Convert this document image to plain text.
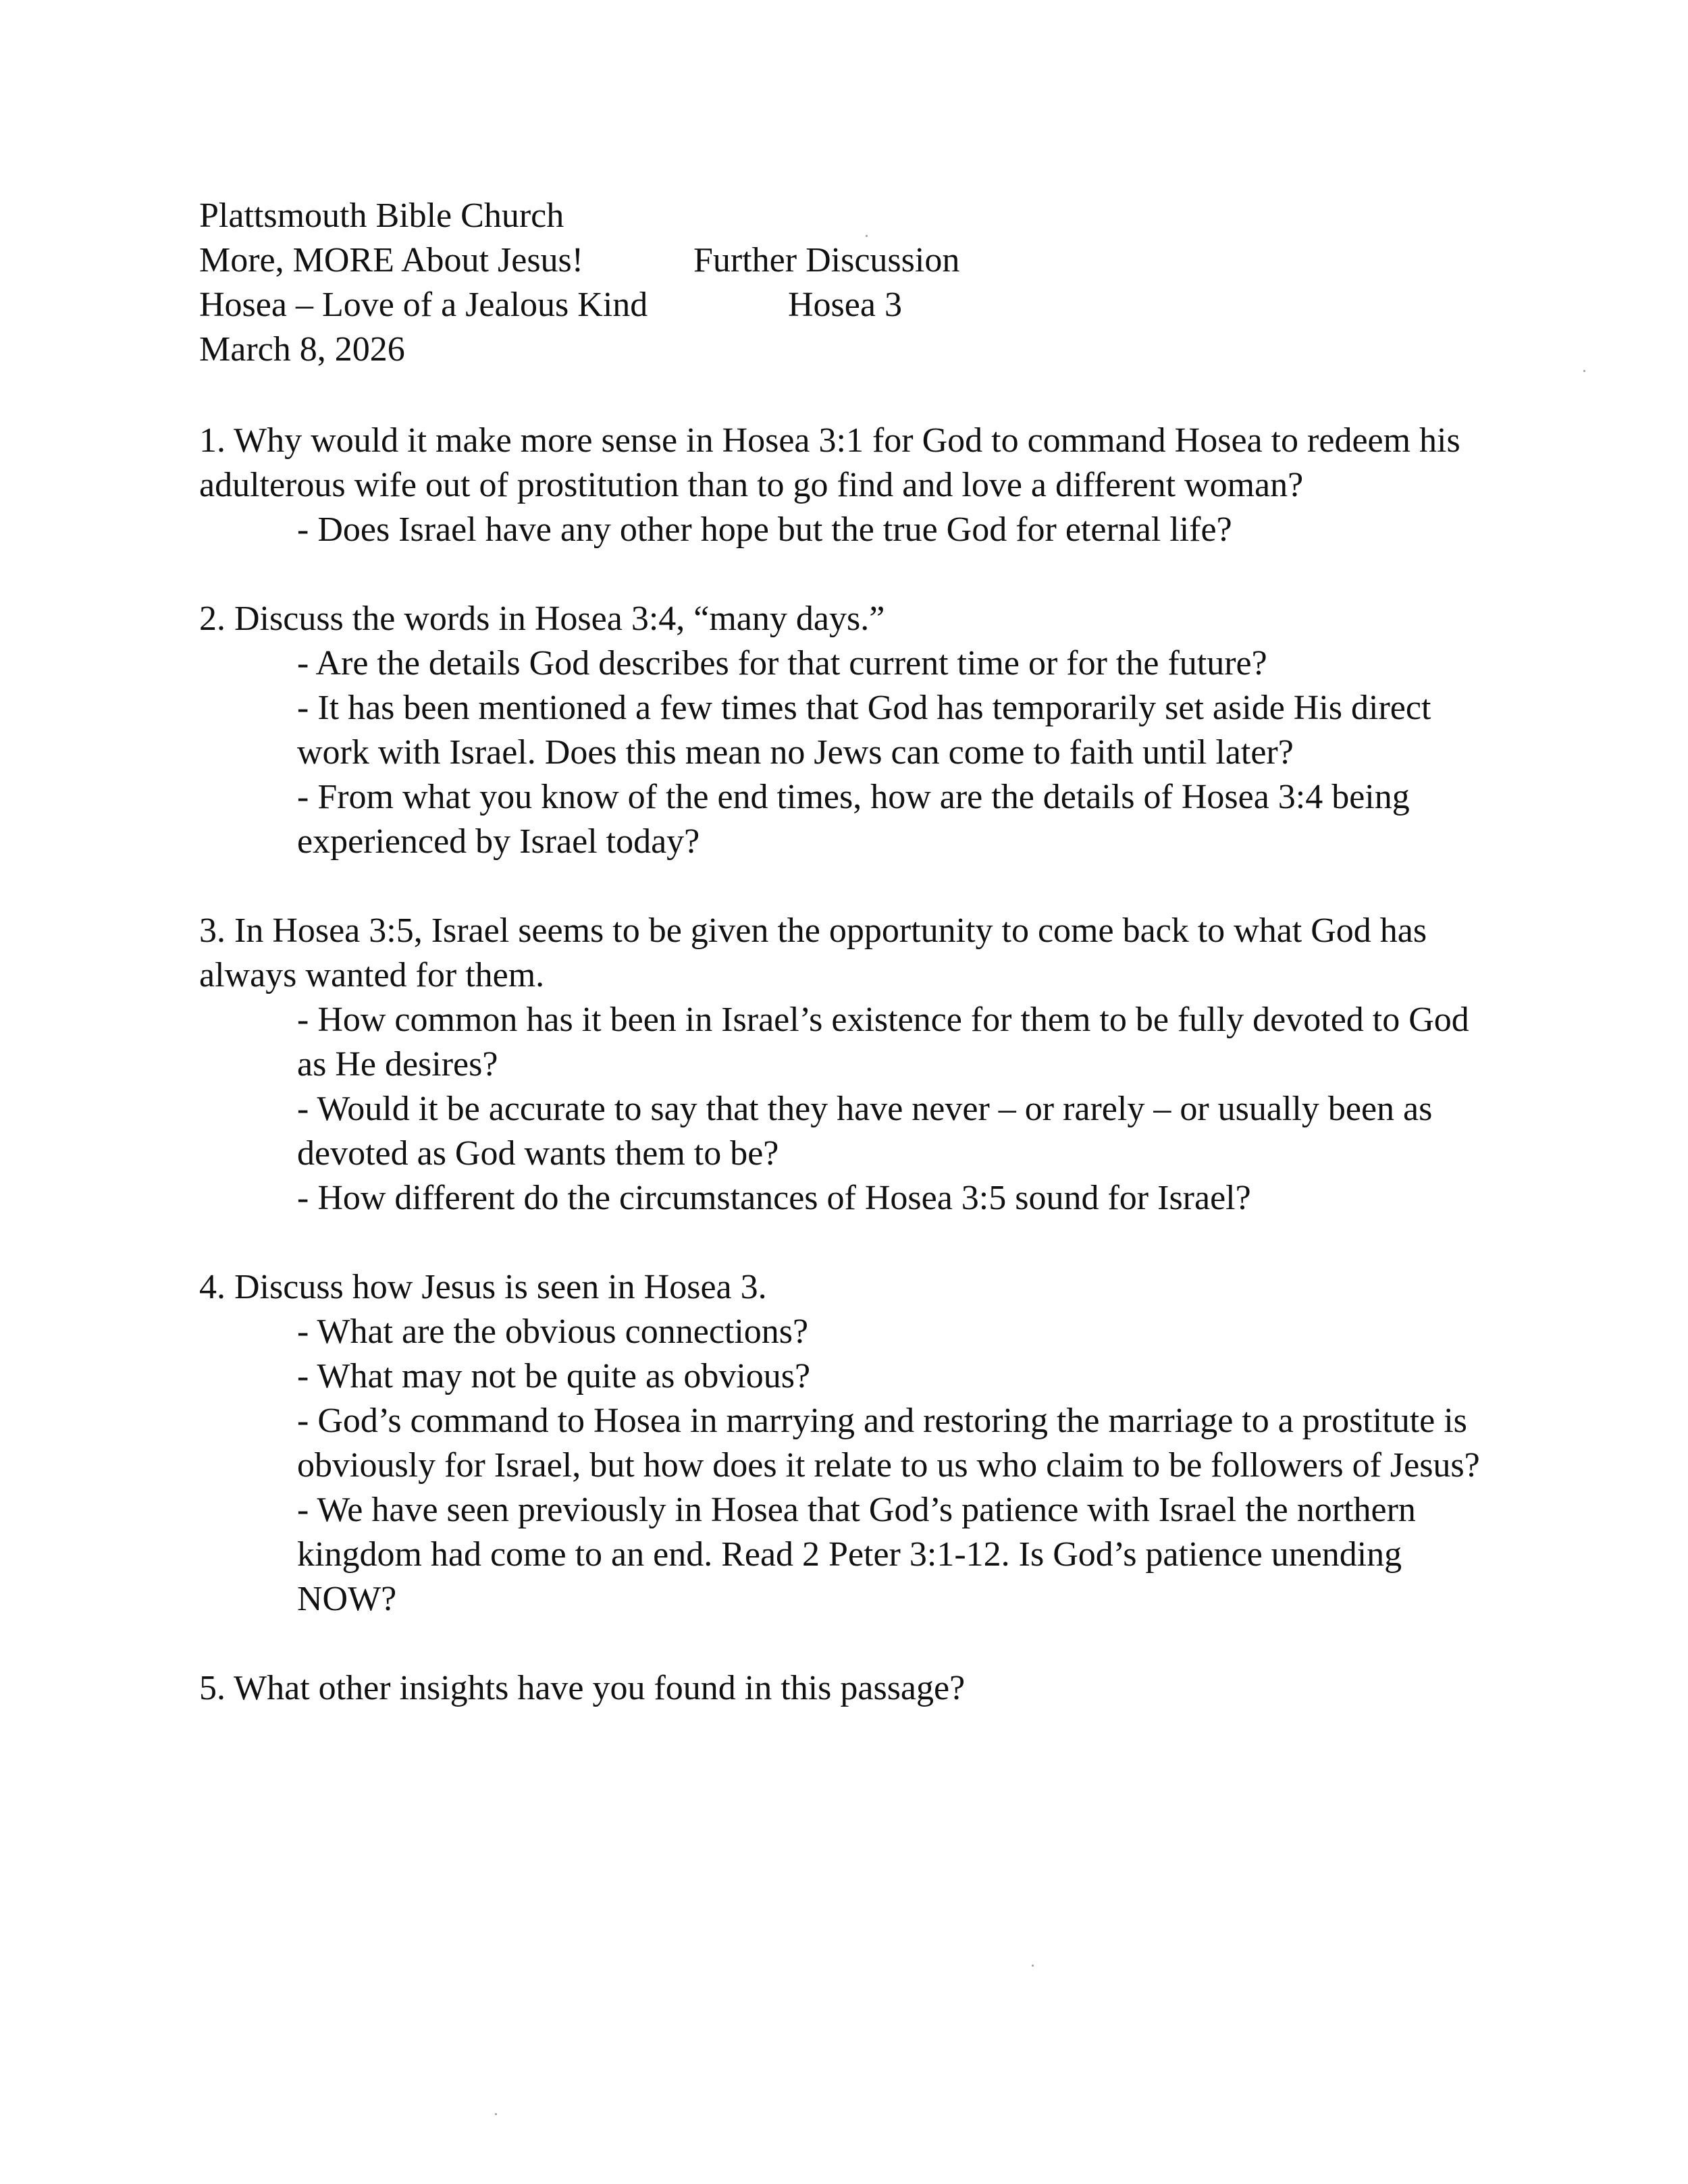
Plattsmouth Bible Church
More, MORE About Jesus!	Further Discussion
Hosea – Love of a Jealous Kind	Hosea 3
March 8, 2026

1. Why would it make more sense in Hosea 3:1 for God to command Hosea to redeem his adulterous wife out of prostitution than to go find and love a different woman?

- Does Israel have any other hope but the true God for eternal life?

2. Discuss the words in Hosea 3:4, “many days.”

- Are the details God describes for that current time or for the future?

- It has been mentioned a few times that God has temporarily set aside His direct work with Israel. Does this mean no Jews can come to faith until later?

- From what you know of the end times, how are the details of Hosea 3:4 being experienced by Israel today?

3. In Hosea 3:5, Israel seems to be given the opportunity to come back to what God has always wanted for them.

- How common has it been in Israel’s existence for them to be fully devoted to God as He desires?

- Would it be accurate to say that they have never – or rarely – or usually been as devoted as God wants them to be?

- How different do the circumstances of Hosea 3:5 sound for Israel?

4. Discuss how Jesus is seen in Hosea 3.

- What are the obvious connections?

- What may not be quite as obvious?

- God’s command to Hosea in marrying and restoring the marriage to a prostitute is obviously for Israel, but how does it relate to us who claim to be followers of Jesus?

- We have seen previously in Hosea that God’s patience with Israel the northern kingdom had come to an end. Read 2 Peter 3:1-12. Is God’s patience unending NOW?

5. What other insights have you found in this passage?
